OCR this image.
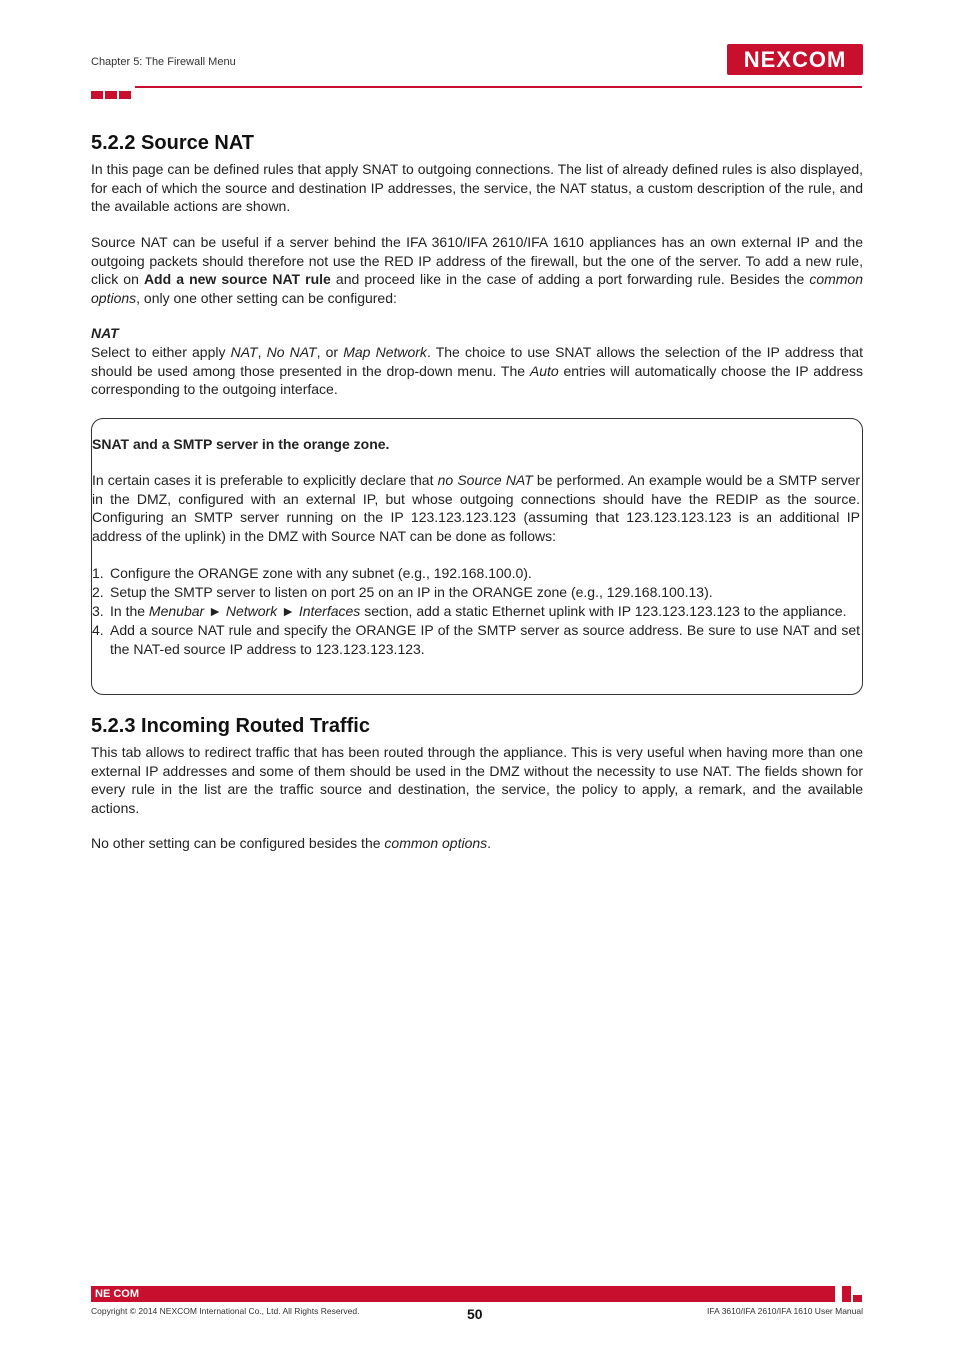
Chapter 5: The Firewall Menu	NEXCOM
5.2.2 Source NAT

In this page can be defined rules that apply SNAT to outgoing connections. The list of already defined rules is also displayed, for each of which the source and destination IP addresses, the service, the NAT status, a custom description of the rule, and the available actions are shown.

Source NAT can be useful if a server behind the IFA 3610/IFA 2610/IFA 1610 appliances has an own external IP and the outgoing packets should therefore not use the RED IP address of the firewall, but the one of the server. To add a new rule, click on Add a new source NAT rule and proceed like in the case of adding a port forwarding rule. Besides the common options, only one other setting can be configured:

NAT

Select to either apply NAT, No NAT, or Map Network. The choice to use SNAT allows the selection of the IP address that should be used among those presented in the drop-down menu. The Auto entries will automatically choose the IP address corresponding to the outgoing interface.

SNAT and a SMTP server in the orange zone.

In certain cases it is preferable to explicitly declare that no Source NAT be performed. An example would be a SMTP server in the DMZ, configured with an external IP, but whose outgoing connections should have the REDIP as the source. Configuring an SMTP server running on the IP 123.123.123.123 (assuming that 123.123.123.123 is an additional IP address of the uplink) in the DMZ with Source NAT can be done as follows:

1. Configure the ORANGE zone with any subnet (e.g., 192.168.100.0).
2. Setup the SMTP server to listen on port 25 on an IP in the ORANGE zone (e.g., 129.168.100.13).
3. In the Menubar ► Network ► Interfaces section, add a static Ethernet uplink with IP 123.123.123.123 to the appliance.
4. Add a source NAT rule and specify the ORANGE IP of the SMTP server as source address. Be sure to use NAT and set the NAT-ed source IP address to 123.123.123.123.
5.2.3 Incoming Routed Traffic

This tab allows to redirect traffic that has been routed through the appliance. This is very useful when having more than one external IP addresses and some of them should be used in the DMZ without the necessity to use NAT. The fields shown for every rule in the list are the traffic source and destination, the service, the policy to apply, a remark, and the available actions.

No other setting can be configured besides the common options.

NE COM
Copyright © 2014 NEXCOM International Co., Ltd. All Rights Reserved.	50	IFA 3610/IFA 2610/IFA 1610 User Manual
